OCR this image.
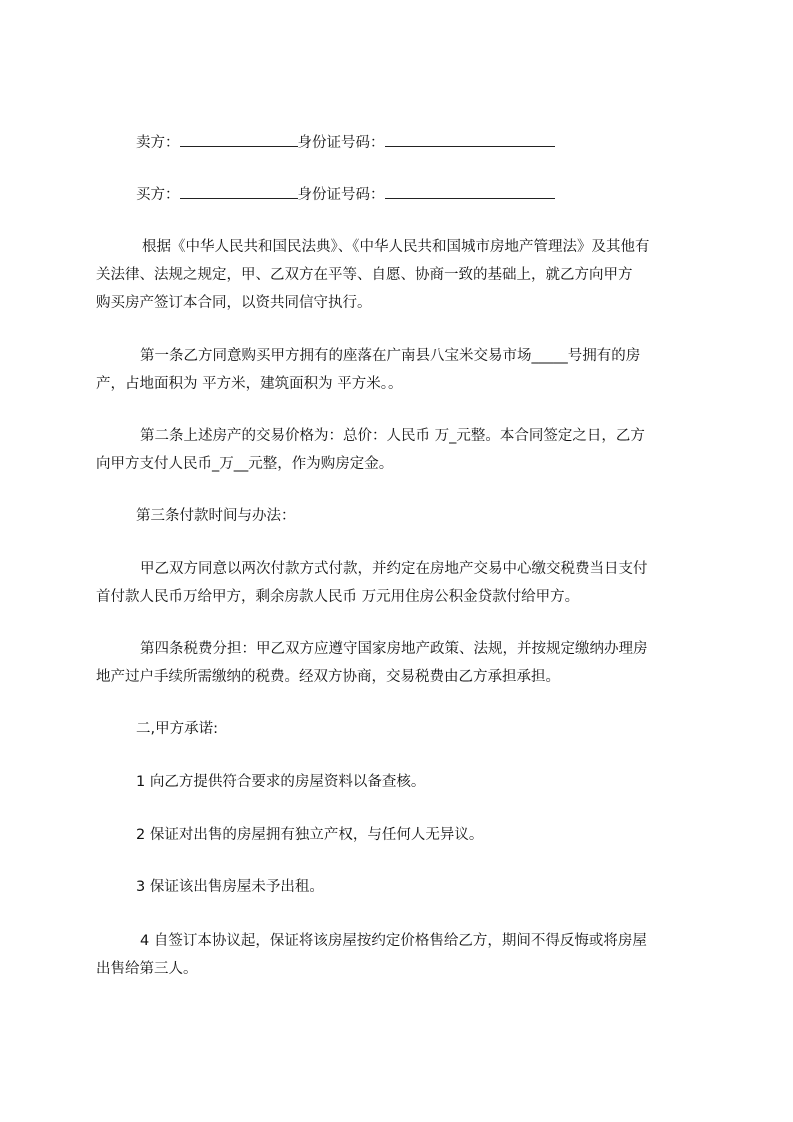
卖方：	身份证号码：
买方：	身份证号码：
根据《中华人民共和国民法典》、《中华人民共和国城市房地产管理法》及其他有
关法律、法规之规定，甲、乙双方在平等、自愿、协商一致的基础上，就乙方向甲方
购买房产签订本合同，以资共同信守执行。
第一条乙方同意购买甲方拥有的座落在广南县八宝米交易市场_____号拥有的房
产，占地面积为 平方米，建筑面积为 平方米。。
第二条上述房产的交易价格为：总价：人民币 万_元整。本合同签定之日，乙方
向甲方支付人民币_万__元整，作为购房定金。
第三条付款时间与办法：
甲乙双方同意以两次付款方式付款，并约定在房地产交易中心缴交税费当日支付
首付款人民币万给甲方，剩余房款人民币 万元用住房公积金贷款付给甲方。
第四条税费分担：甲乙双方应遵守国家房地产政策、法规，并按规定缴纳办理房
地产过户手续所需缴纳的税费。经双方协商，交易税费由乙方承担承担。
二,甲方承诺:
1 向乙方提供符合要求的房屋资料以备查核。
2 保证对出售的房屋拥有独立产权，与任何人无异议。
3 保证该出售房屋未予出租。
4 自签订本协议起，保证将该房屋按约定价格售给乙方，期间不得反悔或将房屋
出售给第三人。
